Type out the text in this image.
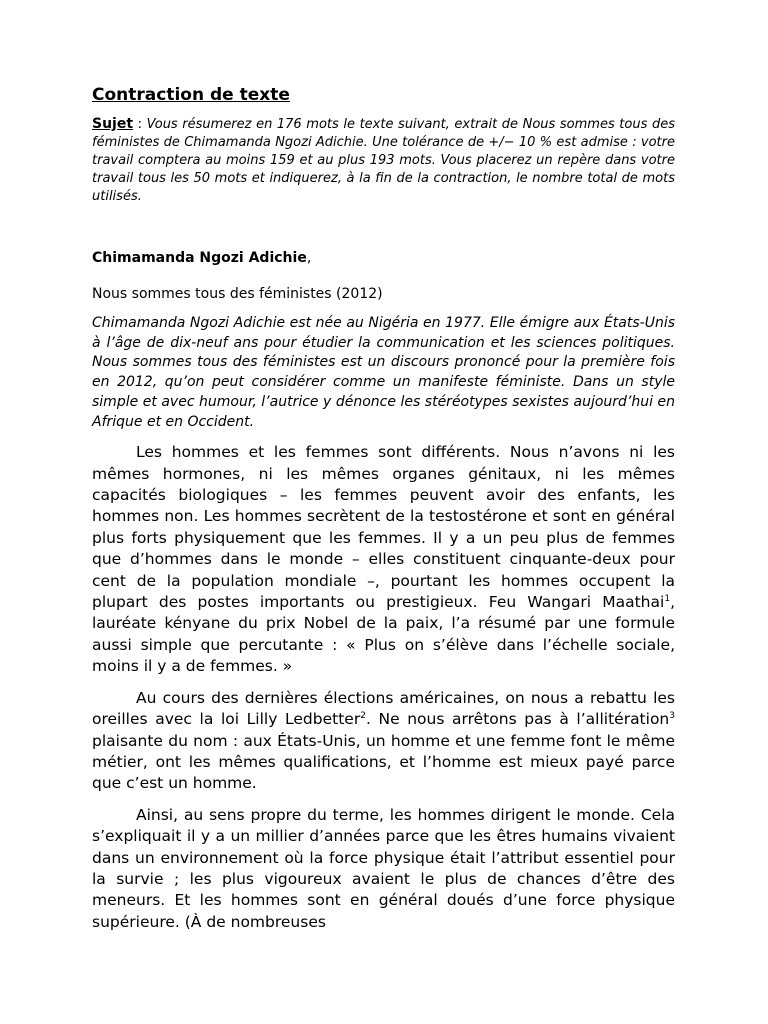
Contraction de texte

Sujet : Vous résumerez en 176 mots le texte suivant, extrait de Nous sommes tous des féministes de Chimamanda Ngozi Adichie. Une tolérance de +/− 10 % est admise : votre travail comptera au moins 159 et au plus 193 mots. Vous placerez un repère dans votre travail tous les 50 mots et indiquerez, à la fin de la contraction, le nombre total de mots utilisés.

Chimamanda Ngozi Adichie,

Nous sommes tous des féministes (2012)

Chimamanda Ngozi Adichie est née au Nigéria en 1977. Elle émigre aux États-Unis à l’âge de dix-neuf ans pour étudier la communication et les sciences politiques. Nous sommes tous des féministes est un discours prononcé pour la première fois en 2012, qu’on peut considérer comme un manifeste féministe. Dans un style simple et avec humour, l’autrice y dénonce les stéréotypes sexistes aujourd’hui en Afrique et en Occident.

Les hommes et les femmes sont différents. Nous n’avons ni les mêmes hormones, ni les mêmes organes génitaux, ni les mêmes capacités biologiques – les femmes peuvent avoir des enfants, les hommes non. Les hommes secrètent de la testostérone et sont en général plus forts physiquement que les femmes. Il y a un peu plus de femmes que d’hommes dans le monde – elles constituent cinquante-deux pour cent de la population mondiale –, pourtant les hommes occupent la plupart des postes importants ou prestigieux. Feu Wangari Maathai$^1$, lauréate kényane du prix Nobel de la paix, l’a résumé par une formule aussi simple que percutante : « Plus on s’élève dans l’échelle sociale, moins il y a de femmes. »

Au cours des dernières élections américaines, on nous a rebattu les oreilles avec la loi Lilly Ledbetter$^2$. Ne nous arrêtons pas à l’allitération$^3$ plaisante du nom : aux États-Unis, un homme et une femme font le même métier, ont les mêmes qualifications, et l’homme est mieux payé parce que c’est un homme.

Ainsi, au sens propre du terme, les hommes dirigent le monde. Cela s’expliquait il y a un millier d’années parce que les êtres humains vivaient dans un environnement où la force physique était l’attribut essentiel pour la survie ; les plus vigoureux avaient le plus de chances d’être des meneurs. Et les hommes sont en général doués d’une force physique supérieure. (À de nombreuses
